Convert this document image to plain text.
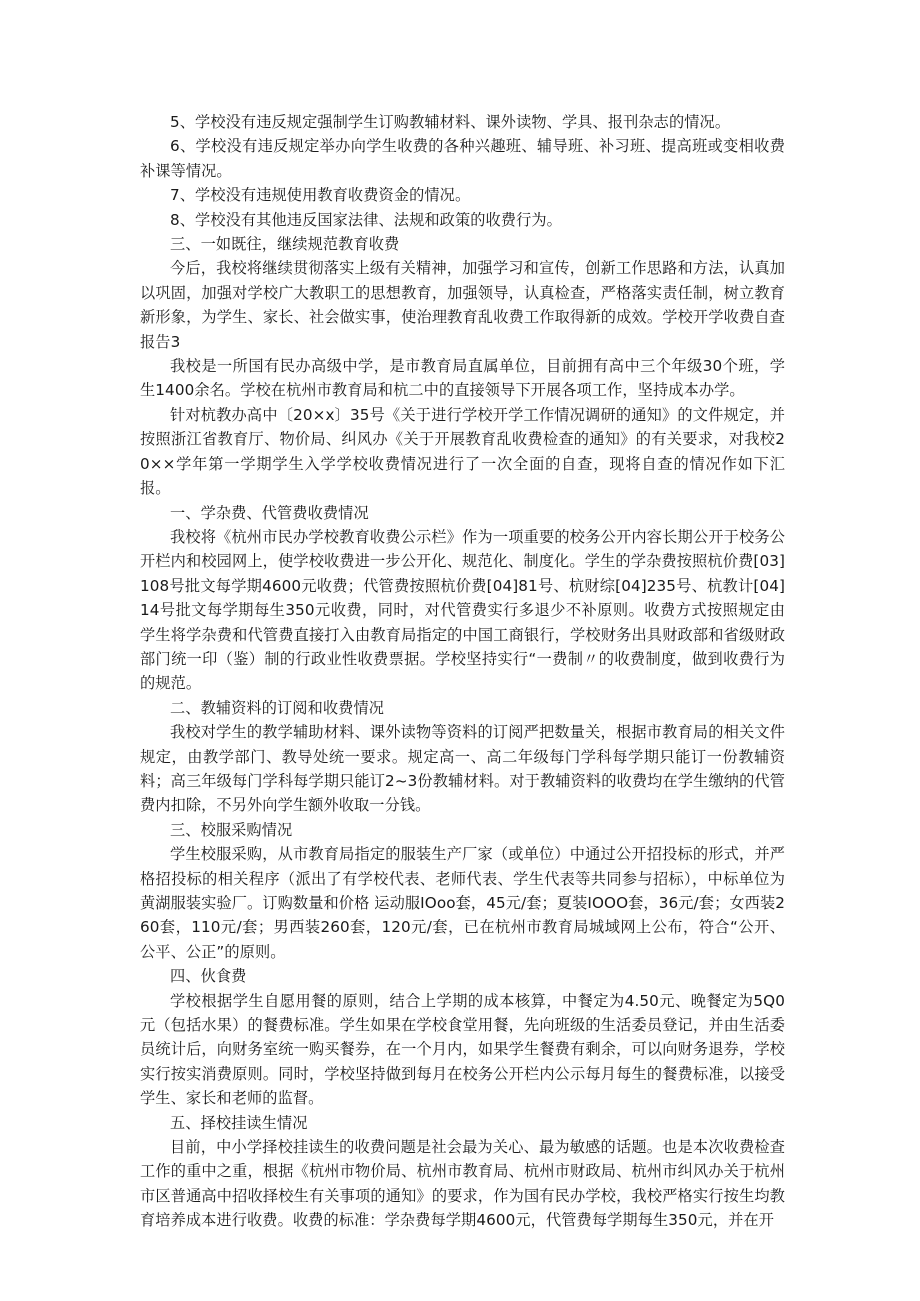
5、学校没有违反规定强制学生订购教辅材料、课外读物、学具、报刊杂志的情况。

6、学校没有违反规定举办向学生收费的各种兴趣班、辅导班、补习班、提高班或变相收费补课等情况。

7、学校没有违规使用教育收费资金的情况。

8、学校没有其他违反国家法律、法规和政策的收费行为。

三、一如既往，继续规范教育收费

今后，我校将继续贯彻落实上级有关精神，加强学习和宣传，创新工作思路和方法，认真加以巩固，加强对学校广大教职工的思想教育，加强领导，认真检查，严格落实责任制，树立教育新形象，为学生、家长、社会做实事，使治理教育乱收费工作取得新的成效。学校开学收费自查报告3

我校是一所国有民办高级中学，是市教育局直属单位，目前拥有高中三个年级30个班，学生1400余名。学校在杭州市教育局和杭二中的直接领导下开展各项工作，坚持成本办学。

针对杭教办高中〔20×x〕35号《关于进行学校开学工作情况调研的通知》的文件规定，并按照浙江省教育厅、物价局、纠风办《关于开展教育乱收费检查的通知》的有关要求，对我校20××学年第一学期学生入学学校收费情况进行了一次全面的自查，现将自查的情况作如下汇报。

一、学杂费、代管费收费情况

我校将《杭州市民办学校教育收费公示栏》作为一项重要的校务公开内容长期公开于校务公开栏内和校园网上，使学校收费进一步公开化、规范化、制度化。学生的学杂费按照杭价费[03]108号批文每学期4600元收费；代管费按照杭价费[04]81号、杭财综[04]235号、杭教计[04]14号批文每学期每生350元收费，同时，对代管费实行多退少不补原则。收费方式按照规定由学生将学杂费和代管费直接打入由教育局指定的中国工商银行，学校财务出具财政部和省级财政部门统一印（鉴）制的行政业性收费票据。学校坚持实行“一费制〃的收费制度，做到收费行为的规范。

二、教辅资料的订阅和收费情况

我校对学生的教学辅助材料、课外读物等资料的订阅严把数量关，根据市教育局的相关文件规定，由教学部门、教导处统一要求。规定高一、高二年级每门学科每学期只能订一份教辅资料；高三年级每门学科每学期只能订2~3份教辅材料。对于教辅资料的收费均在学生缴纳的代管费内扣除，不另外向学生额外收取一分钱。

三、校服采购情况

学生校服采购，从市教育局指定的服装生产厂家（或单位）中通过公开招投标的形式，并严格招投标的相关程序（派出了有学校代表、老师代表、学生代表等共同参与招标），中标单位为黄湖服装实验厂。订购数量和价格 运动服IOoo套，45元/套；夏装IOOO套，36元/套；女西装260套，110元/套；男西装260套，120元/套，已在杭州市教育局城域网上公布，符合“公开、公平、公正”的原则。

四、伙食费

学校根据学生自愿用餐的原则，结合上学期的成本核算，中餐定为4.50元、晚餐定为5Q0元（包括水果）的餐费标准。学生如果在学校食堂用餐，先向班级的生活委员登记，并由生活委员统计后，向财务室统一购买餐券，在一个月内，如果学生餐费有剩余，可以向财务退券，学校实行按实消费原则。同时，学校坚持做到每月在校务公开栏内公示每月每生的餐费标准，以接受学生、家长和老师的监督。

五、择校挂读生情况

目前，中小学择校挂读生的收费问题是社会最为关心、最为敏感的话题。也是本次收费检查工作的重中之重，根据《杭州市物价局、杭州市教育局、杭州市财政局、杭州市纠风办关于杭州市区普通高中招收择校生有关事项的通知》的要求，作为国有民办学校，我校严格实行按生均教育培养成本进行收费。收费的标准：学杂费每学期4600元，代管费每学期每生350元，并在开
